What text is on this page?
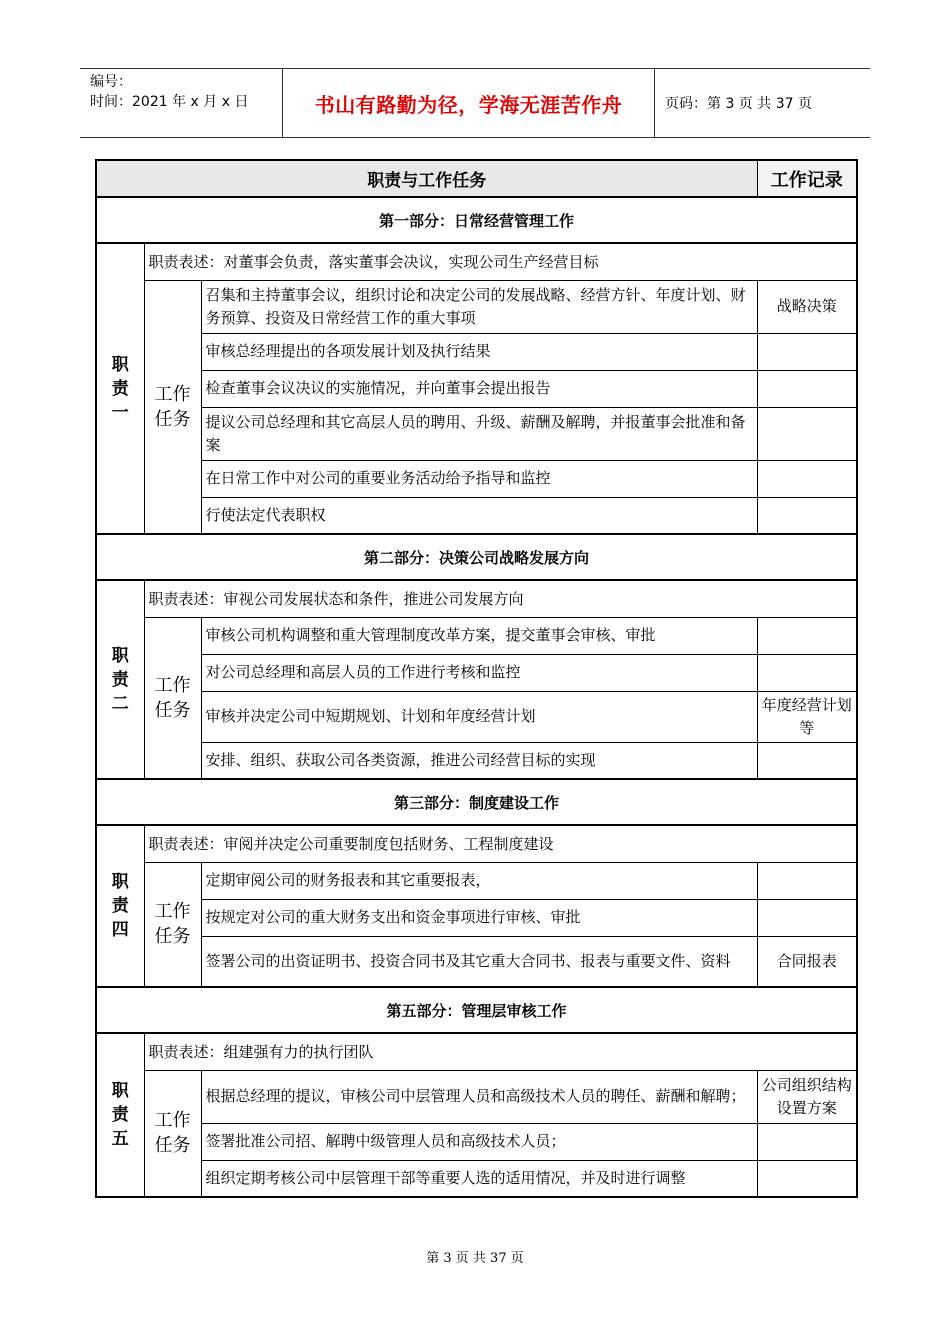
编号：
时间：2021 年 x 月 x 日	书山有路勤为径，学海无涯苦作舟	页码：第 3 页 共 37 页
职责与工作任务			工作记录
第一部分：日常经营管理工作			
职责一	职责表述：对董事会负责，落实董事会决议，实现公司生产经营目标		
	工作任务	召集和主持董事会议，组织讨论和决定公司的发展战略、经营方针、年度计划、财务预算、投资及日常经营工作的重大事项	战略决策
		审核总经理提出的各项发展计划及执行结果	
		检查董事会议决议的实施情况，并向董事会提出报告	
		提议公司总经理和其它高层人员的聘用、升级、薪酬及解聘，并报董事会批准和备案	
		在日常工作中对公司的重要业务活动给予指导和监控	
		行使法定代表职权	
第二部分：决策公司战略发展方向			
职责二	职责表述：审视公司发展状态和条件，推进公司发展方向		
	工作任务	审核公司机构调整和重大管理制度改革方案，提交董事会审核、审批	
		对公司总经理和高层人员的工作进行考核和监控	
		审核并决定公司中短期规划、计划和年度经营计划	年度经营计划等
		安排、组织、获取公司各类资源，推进公司经营目标的实现	
第三部分：制度建设工作			
职责四	职责表述：审阅并决定公司重要制度包括财务、工程制度建设		
	工作任务	定期审阅公司的财务报表和其它重要报表，	
		按规定对公司的重大财务支出和资金事项进行审核、审批	
		签署公司的出资证明书、投资合同书及其它重大合同书、报表与重要文件、资料	合同报表
第五部分：管理层审核工作			
职责五	职责表述：组建强有力的执行团队		
	工作任务	根据总经理的提议，审核公司中层管理人员和高级技术人员的聘任、薪酬和解聘；	公司组织结构设置方案
		签署批准公司招、解聘中级管理人员和高级技术人员；	
		组织定期考核公司中层管理干部等重要人选的适用情况，并及时进行调整	
第 3 页 共 37 页
